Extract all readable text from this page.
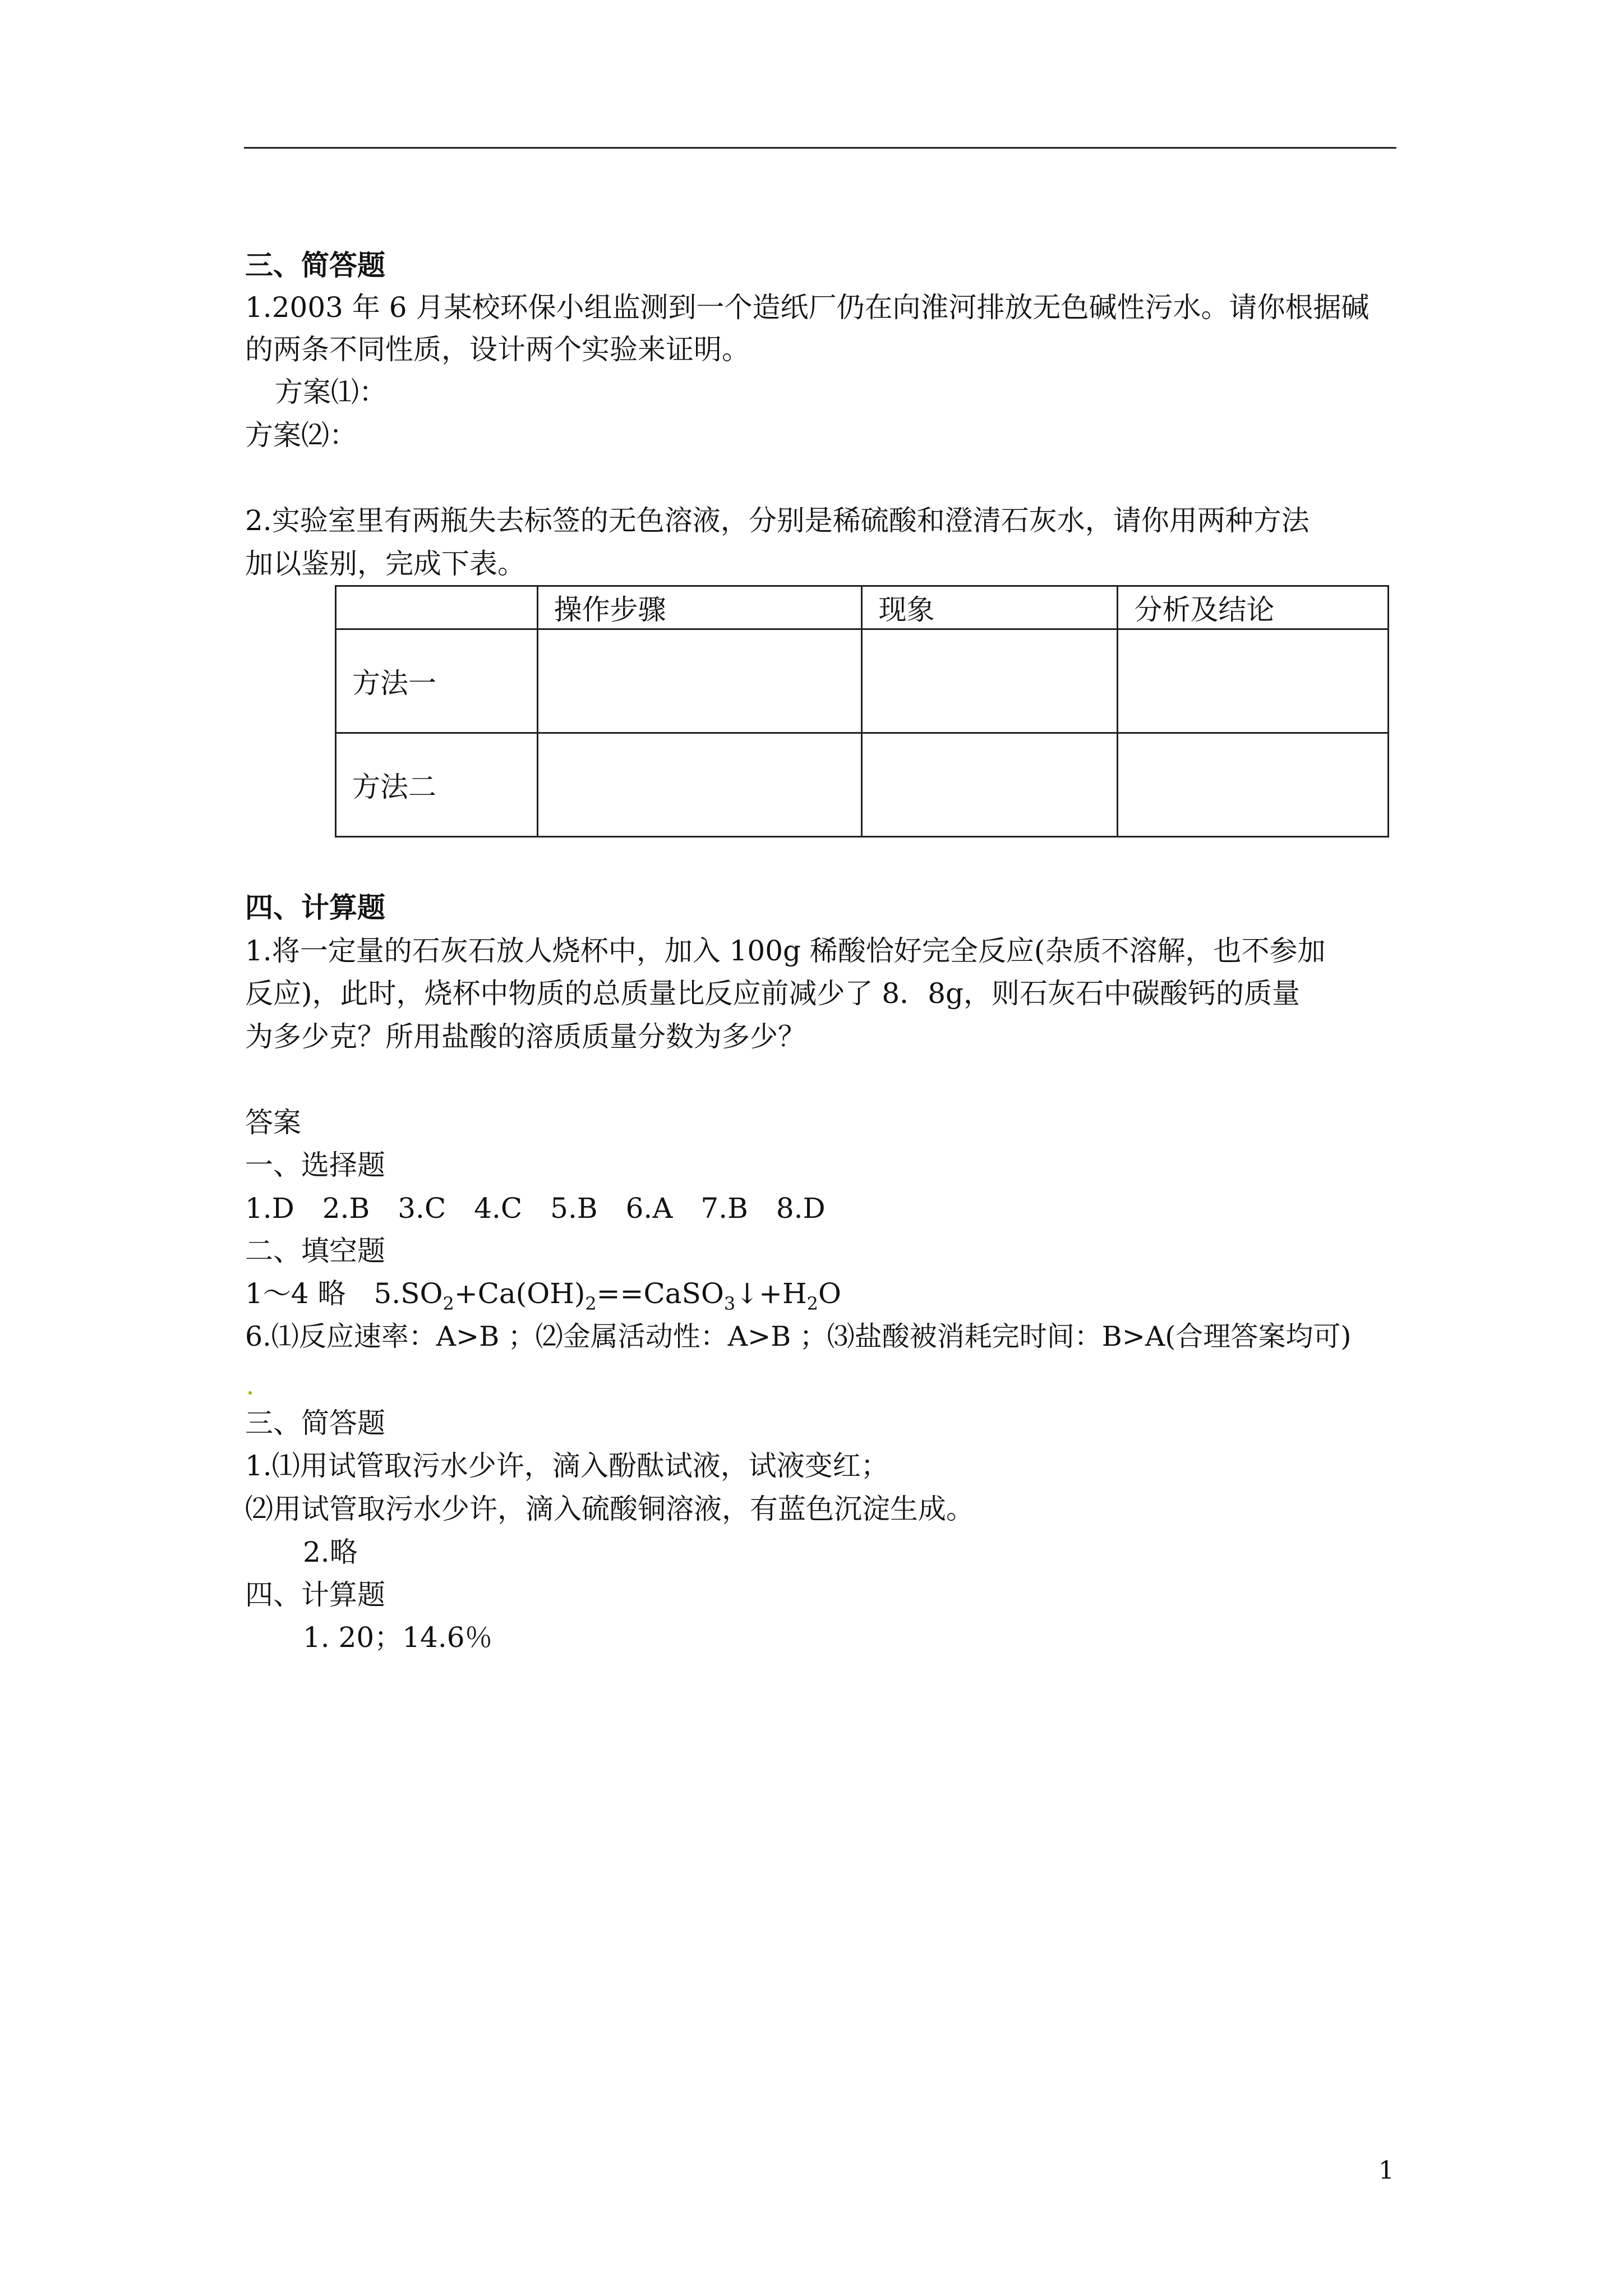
三、简答题
1.2003 年 6 月某校环保小组监测到一个造纸厂仍在向淮河排放无色碱性污水。请你根据碱
的两条不同性质，设计两个实验来证明。
方案⑴：
方案⑵：
2.实验室里有两瓶失去标签的无色溶液，分别是稀硫酸和澄清石灰水，请你用两种方法
加以鉴别，完成下表。
	操作步骤	现象	分析及结论
方法一			
方法二			
四、计算题
1.将一定量的石灰石放人烧杯中，加入 100g 稀酸恰好完全反应(杂质不溶解，也不参加
反应)，此时，烧杯中物质的总质量比反应前减少了 8．8g，则石灰石中碳酸钙的质量
为多少克？所用盐酸的溶质质量分数为多少？
答案
一、选择题
1.D　2.B　3.C　4.C　5.B　6.A　7.B　8.D
二、填空题
1～4 略　$5.SO_2+Ca(OH)_2==CaSO_3↓+H_2O$
6.⑴反应速率：A>B ；⑵金属活动性：A>B ；⑶盐酸被消耗完时间：B>A(合理答案均可)
三、简答题
1.⑴用试管取污水少许，滴入酚酞试液，试液变红；
⑵用试管取污水少许，滴入硫酸铜溶液，有蓝色沉淀生成。
2.略
四、计算题
1. 20；14.6％
1
